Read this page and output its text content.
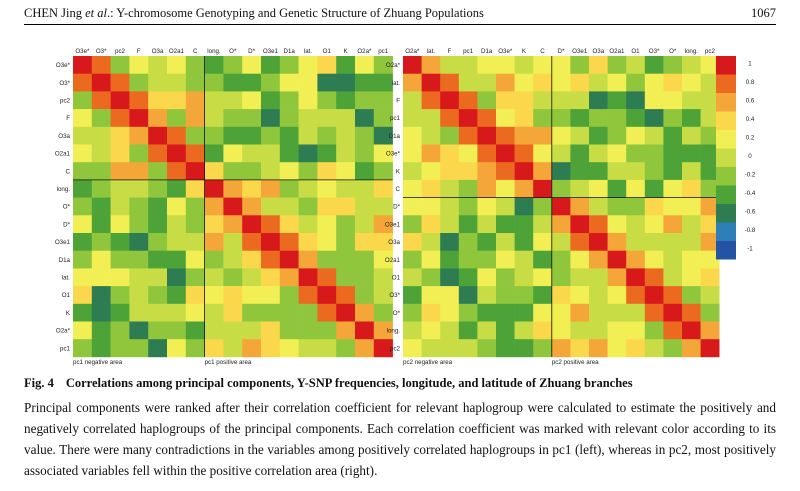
CHEN Jing et al.: Y-chromosome Genotyping and Genetic Structure of Zhuang Populations	1067
O3e* O3* pc2 F O3a O2a1 C long. O* D* O3e1 D1a lat. O1 K O2a* pc1
O3e*
O3*
pc2
F
O3a
O2a1
C
long.
O*
D*
O3e1
D1a
lat.
O1
K
O2a*
pc1
pc1 negative area	pc1 positive area
O2a* lat. F pc1 D1a O3e* K C D* O3e1 O3a O2a1 O1 O3* O* long. pc2
O2a*
lat.
F
pc1
D1a
O3e*
K
C
D*
O3e1
O3a
O2a1
O1
O3*
O*
long.
pc2
pc2 negative area	pc2 positive area
1
0.8
0.6
0.4
0.2
0
-0.2
-0.4
-0.6
-0.8
-1
Fig. 4 Correlations among principal components, Y-SNP frequencies, longitude, and latitude of Zhuang branches
Principal components were ranked after their correlation coefficient for relevant haplogroup were calculated to estimate the positively and negatively correlated haplogroups of the principal components. Each correlation coefficient was marked with relevant color according to its value. There were many contradictions in the variables among positively correlated haplogroups in pc1 (left), whereas in pc2, most positively associated variables fell within the positive correlation area (right).
